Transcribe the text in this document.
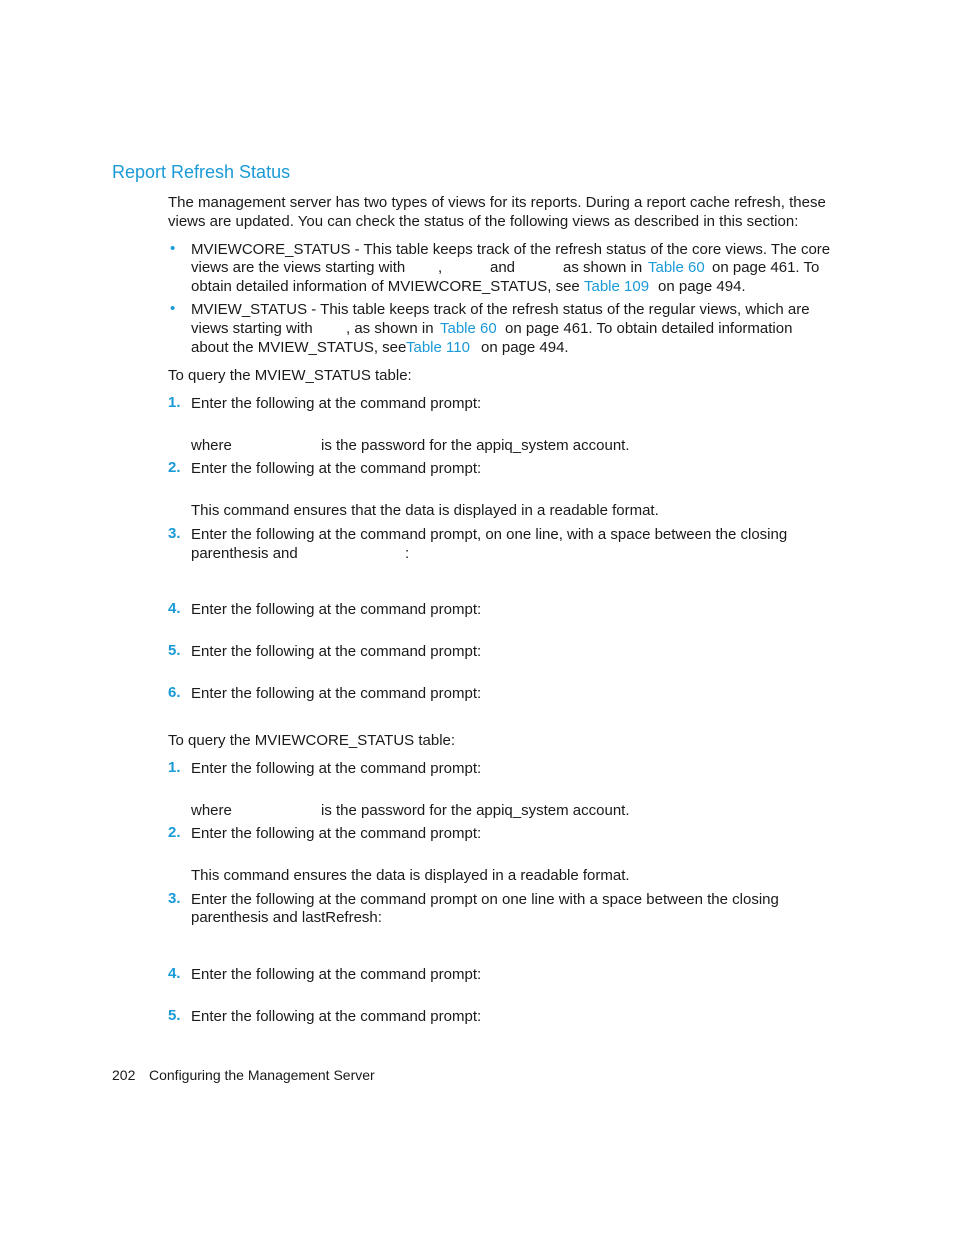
Report Refresh Status
The management server has two types of views for its reports. During a report cache refresh, these
views are updated. You can check the status of the following views as described in this section:
• MVIEWCORE_STATUS - This table keeps track of the refresh status of the core views. The core
views are the views starting with ,	and	as shown in Table 60 on page 461. To
obtain detailed information of MVIEWCORE_STATUS, see Table 109 on page 494.
• MVIEW_STATUS - This table keeps track of the refresh status of the regular views, which are
views starting with , as shown in Table 60 on page 461. To obtain detailed information
about the MVIEW_STATUS, see Table 110 on page 494.
To query the MVIEW_STATUS table:
1. Enter the following at the command prompt:
where	is the password for the appiq_system account.
2. Enter the following at the command prompt:
This command ensures that the data is displayed in a readable format.
3. Enter the following at the command prompt, on one line, with a space between the closing
parenthesis and	:
4. Enter the following at the command prompt:
5. Enter the following at the command prompt:
6. Enter the following at the command prompt:
To query the MVIEWCORE_STATUS table:
1. Enter the following at the command prompt:
where	is the password for the appiq_system account.
2. Enter the following at the command prompt:
This command ensures the data is displayed in a readable format.
3. Enter the following at the command prompt on one line with a space between the closing
parenthesis and lastRefresh:
4. Enter the following at the command prompt:
5. Enter the following at the command prompt:
202 Configuring the Management Server
